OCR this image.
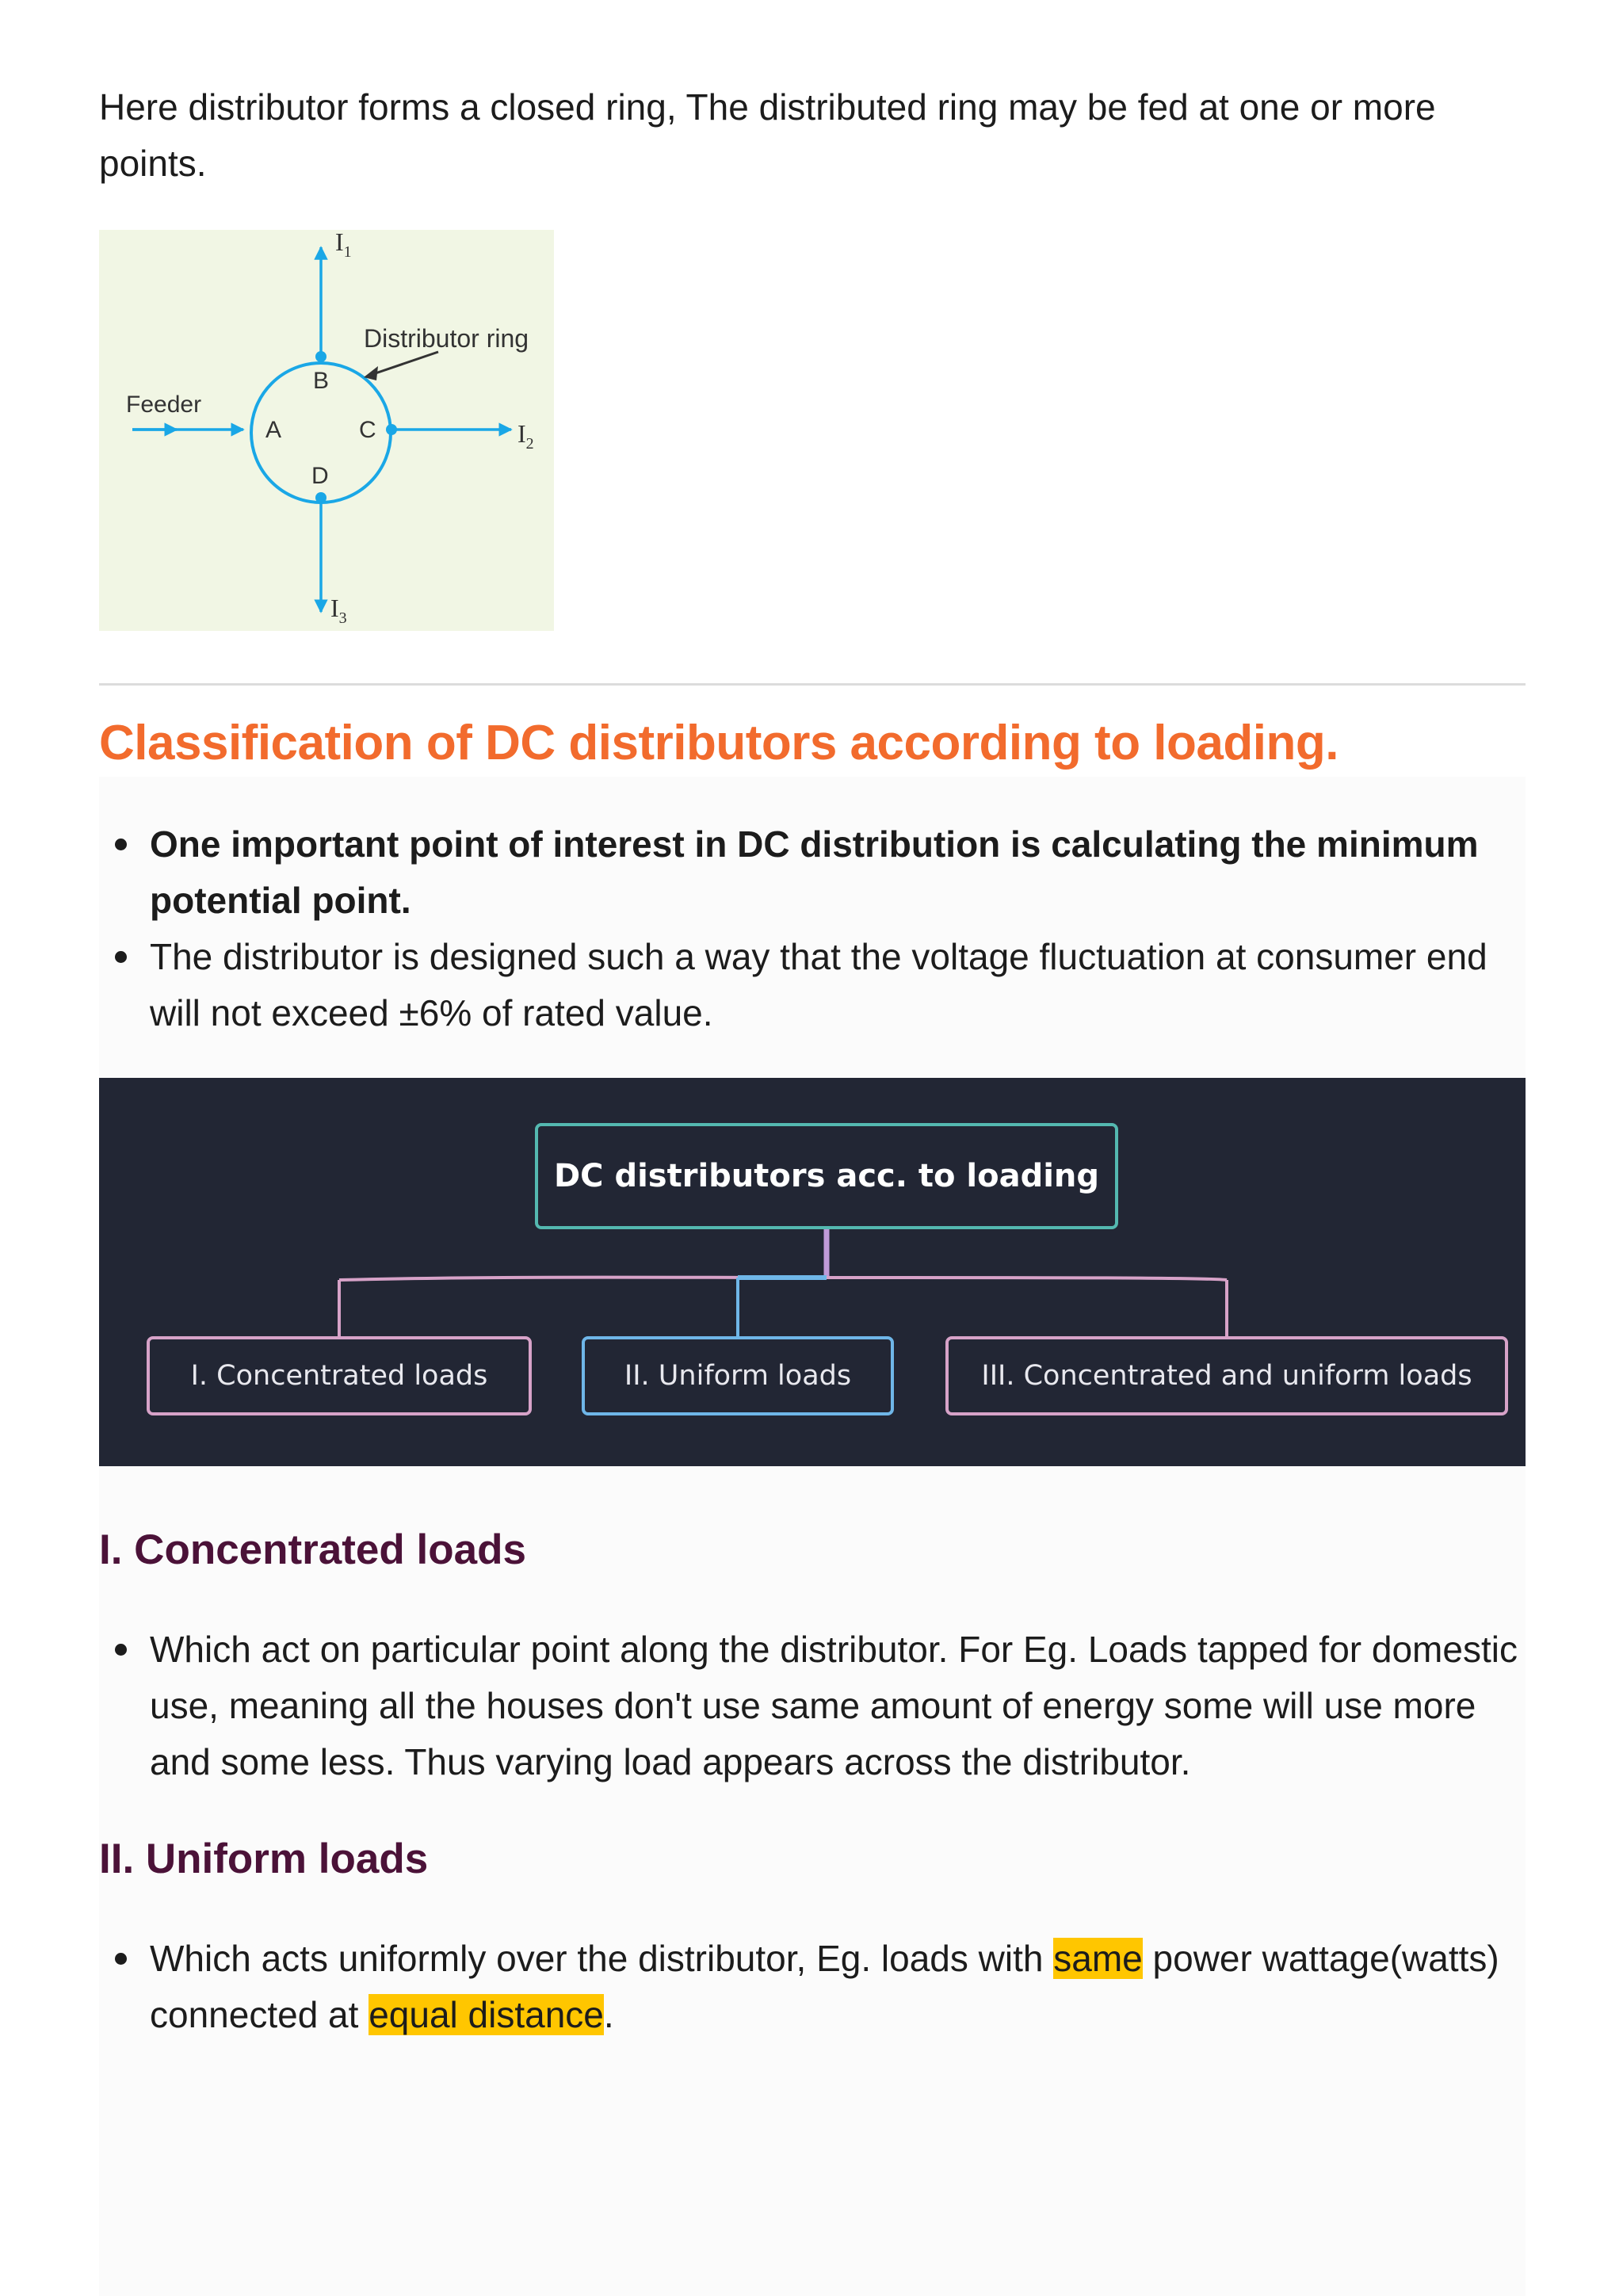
Here distributor forms a closed ring, The distributed ring may be fed at one or more points.

Feeder
Distributor ring
A
B
C
D
$I_1$
$I_2$
$I_3$
Classification of DC distributors according to loading.
One important point of interest in DC distribution is calculating the minimum potential point.
The distributor is designed such a way that the voltage fluctuation at consumer end will not exceed ±6% of rated value.
DC distributors acc. to loading
I. Concentrated loads	II. Uniform loads	III. Concentrated and uniform loads
I. Concentrated loads
Which act on particular point along the distributor. For Eg. Loads tapped for domestic use, meaning all the houses don't use same amount of energy some will use more and some less. Thus varying load appears across the distributor.
II. Uniform loads
Which acts uniformly over the distributor, Eg. loads with same power wattage(watts) connected at equal distance.
